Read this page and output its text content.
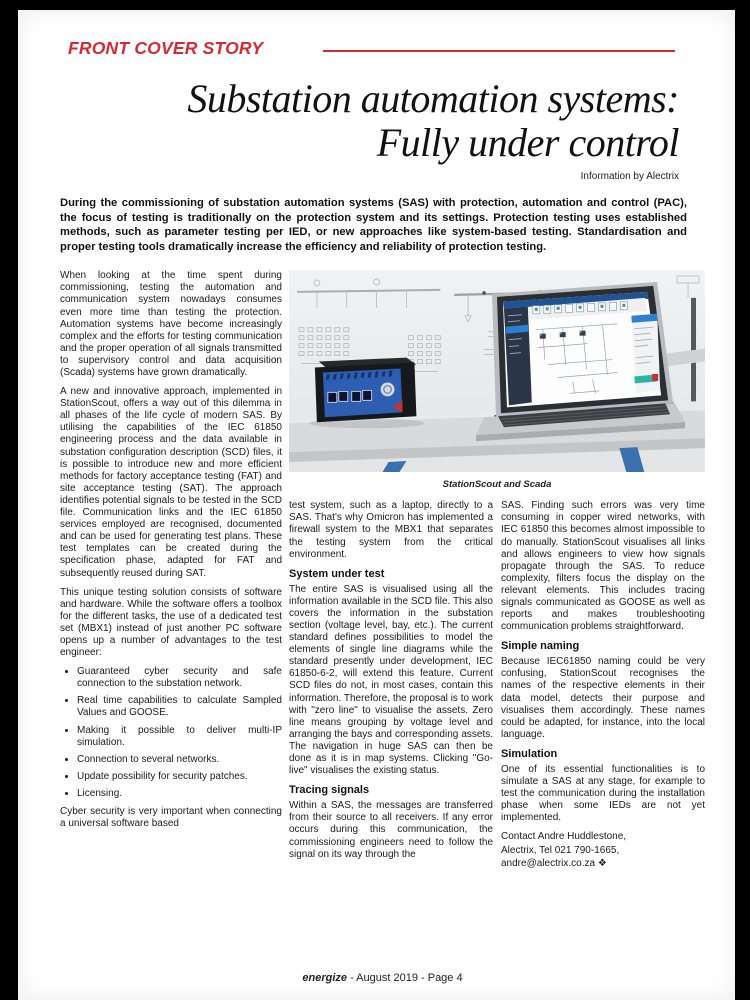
FRONT COVER STORY
Substation automation systems:
Fully under control
Information by Alectrix
During the commissioning of substation automation systems (SAS) with protection, automation and control (PAC), the focus of testing is traditionally on the protection system and its settings. Protection testing uses established methods, such as parameter testing per IED, or new approaches like system-based testing. Standardisation and proper testing tools dramatically increase the efficiency and reliability of protection testing.

When looking at the time spent during commissioning, testing the automation and communication system nowadays consumes even more time than testing the protection. Automation systems have become increasingly complex and the efforts for testing communication and the proper operation of all signals transmitted to supervisory control and data acquisition (Scada) systems have grown dramatically.

A new and innovative approach, implemented in StationScout, offers a way out of this dilemma in all phases of the life cycle of modern SAS. By utilising the capabilities of the IEC 61850 engineering process and the data available in substation configuration description (SCD) files, it is possible to introduce new and more efficient methods for factory acceptance testing (FAT) and site acceptance testing (SAT). The approach identifies potential signals to be tested in the SCD file. Communication links and the IEC 61850 services employed are recognised, documented and can be used for generating test plans. These test templates can be created during the specification phase, adapted for FAT and subsequently reused during SAT.

This unique testing solution consists of software and hardware. While the software offers a toolbox for the different tasks, the use of a dedicated test set (MBX1) instead of just another PC software opens up a number of advantages to the test engineer:

• Guaranteed cyber security and safe connection to the substation network.
• Real time capabilities to calculate Sampled Values and GOOSE.
• Making it possible to deliver multi-IP simulation.
• Connection to several networks.
• Update possibility for security patches.
• Licensing.

Cyber security is very important when connecting a universal software based

StationScout and Scada

test system, such as a laptop, directly to a SAS. That's why Omicron has implemented a firewall system to the MBX1 that separates the testing system from the critical environment.

System under test

The entire SAS is visualised using all the information available in the SCD file. This also covers the information in the substation section (voltage level, bay, etc.). The current standard defines possibilities to model the elements of single line diagrams while the standard presently under development, IEC 61850-6-2, will extend this feature. Current SCD files do not, in most cases, contain this information. Therefore, the proposal is to work with "zero line" to visualise the assets. Zero line means grouping by voltage level and arranging the bays and corresponding assets. The navigation in huge SAS can then be done as it is in map systems. Clicking "Go-live" visualises the existing status.

Tracing signals

Within a SAS, the messages are transferred from their source to all receivers. If any error occurs during this communication, the commissioning engineers need to follow the signal on its way through the

SAS. Finding such errors was very time consuming in copper wired networks, with IEC 61850 this becomes almost impossible to do manually. StationScout visualises all links and allows engineers to view how signals propagate through the SAS. To reduce complexity, filters focus the display on the relevant elements. This includes tracing signals communicated as GOOSE as well as reports and makes troubleshooting communication problems straightforward.

Simple naming

Because IEC61850 naming could be very confusing, StationScout recognises the names of the respective elements in their data model, detects their purpose and visualises them accordingly. These names could be adapted, for instance, into the local language.

Simulation

One of its essential functionalities is to simulate a SAS at any stage, for example to test the communication during the installation phase when some IEDs are not yet implemented.

Contact Andre Huddlestone,

Alectrix, Tel 021 790-1665,

andre@alectrix.co.za ❖

energize - August 2019 - Page 4
